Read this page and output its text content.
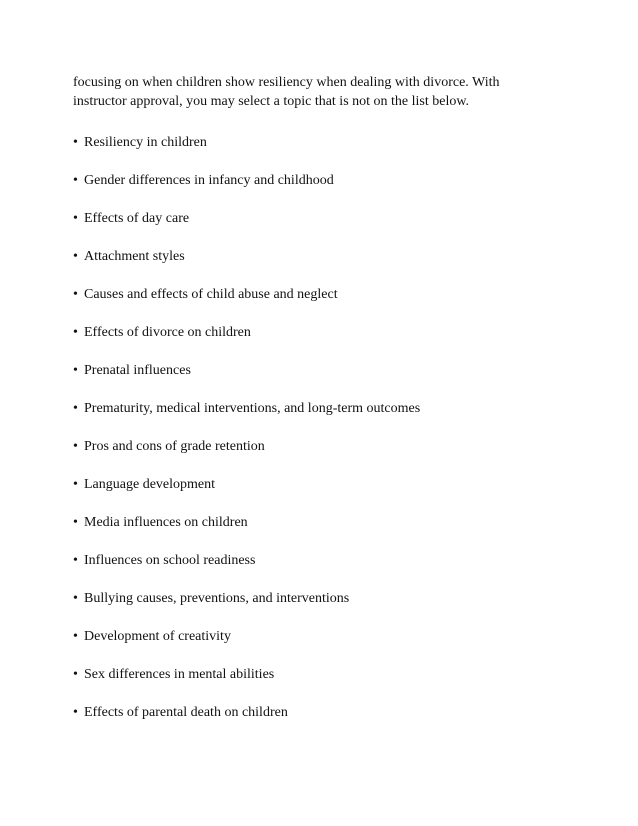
focusing on when children show resiliency when dealing with divorce. With
instructor approval, you may select a topic that is not on the list below.

• Resiliency in children
• Gender differences in infancy and childhood
• Effects of day care
• Attachment styles
• Causes and effects of child abuse and neglect
• Effects of divorce on children
• Prenatal influences
• Prematurity, medical interventions, and long-term outcomes
• Pros and cons of grade retention
• Language development
• Media influences on children
• Influences on school readiness
• Bullying causes, preventions, and interventions
• Development of creativity
• Sex differences in mental abilities
• Effects of parental death on children
